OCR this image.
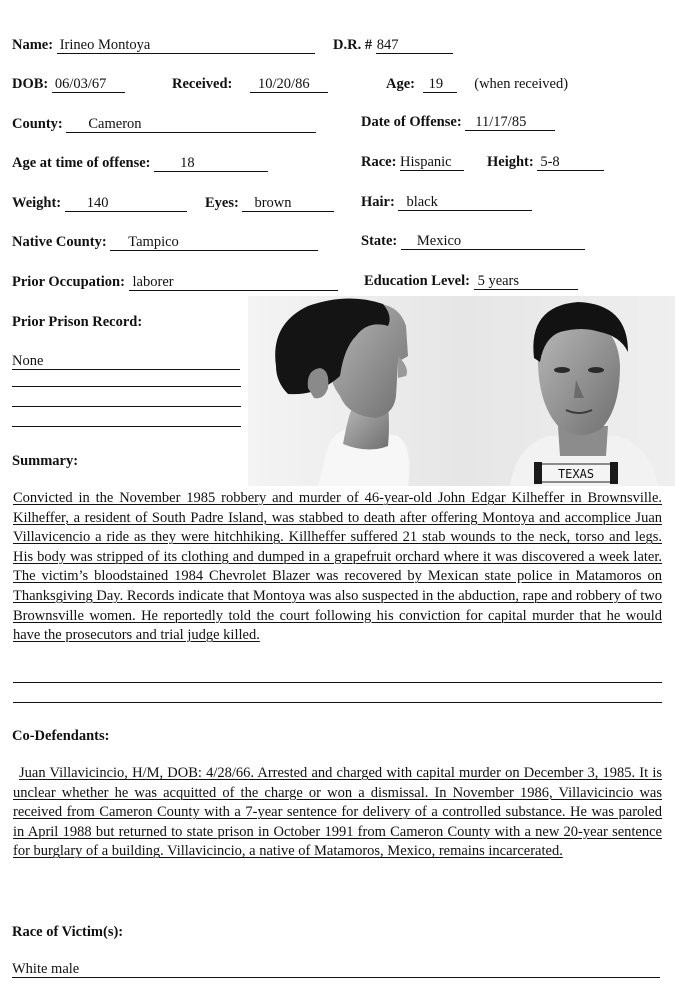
Name: Irineo Montoya	D.R. # 847
DOB: 06/03/67	Received: 10/20/86	Age: 19 (when received)
County: Cameron	Date of Offense: 11/17/85
Age at time of offense: 18	Race: Hispanic	Height: 5-8
Weight: 140	Eyes: brown	Hair: black
Native County: Tampico	State: Mexico
Prior Occupation: laborer	Education Level: 5 years
Prior Prison Record:
None
TEXAS
Summary:
Convicted in the November 1985 robbery and murder of 46-year-old John Edgar Kilheffer in Brownsville. Kilheffer, a resident of South Padre Island, was stabbed to death after offering Montoya and accomplice Juan Villavicencio a ride as they were hitchhiking. Killheffer suffered 21 stab wounds to the neck, torso and legs. His body was stripped of its clothing and dumped in a grapefruit orchard where it was discovered a week later. The victim’s bloodstained 1984 Chevrolet Blazer was recovered by Mexican state police in Matamoros on Thanksgiving Day. Records indicate that Montoya was also suspected in the abduction, rape and robbery of two Brownsville women. He reportedly told the court following his conviction for capital murder that he would have the prosecutors and trial judge killed.
Co-Defendants:
Juan Villavicincio, H/M, DOB: 4/28/66. Arrested and charged with capital murder on December 3, 1985. It is unclear whether he was acquitted of the charge or won a dismissal. In November 1986, Villavicincio was received from Cameron County with a 7-year sentence for delivery of a controlled substance. He was paroled in April 1988 but returned to state prison in October 1991 from Cameron County with a new 20-year sentence for burglary of a building. Villavicincio, a native of Matamoros, Mexico, remains incarcerated.
Race of Victim(s):
White male
